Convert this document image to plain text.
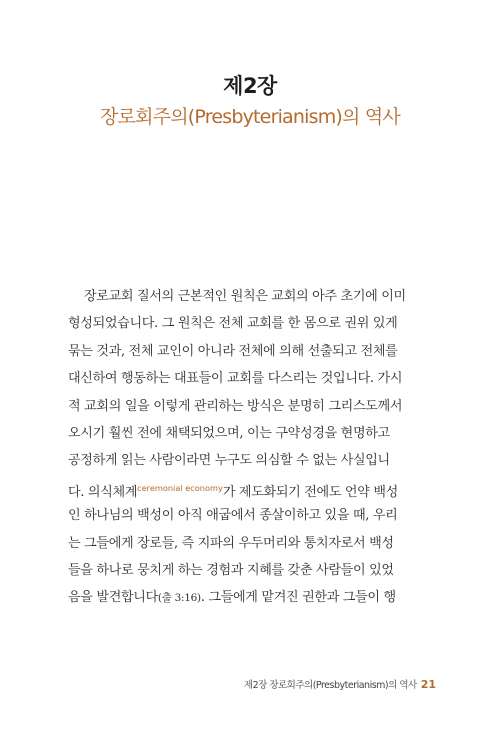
제2장
장로회주의(Presbyterianism)의 역사
장로교회 질서의 근본적인 원칙은 교회의 아주 초기에 이미
형성되었습니다. 그 원칙은 전체 교회를 한 몸으로 권위 있게
묶는 것과, 전체 교인이 아니라 전체에 의해 선출되고 전체를
대신하여 행동하는 대표들이 교회를 다스리는 것입니다. 가시
적 교회의 일을 이렇게 관리하는 방식은 분명히 그리스도께서
오시기 훨씬 전에 채택되었으며, 이는 구약성경을 현명하고
공정하게 읽는 사람이라면 누구도 의심할 수 없는 사실입니
다. 의식체계$^{ceremonial economy}$가 제도화되기 전에도 언약 백성
인 하나님의 백성이 아직 애굽에서 종살이하고 있을 때, 우리
는 그들에게 장로들, 즉 지파의 우두머리와 통치자로서 백성
들을 하나로 뭉치게 하는 경험과 지혜를 갖춘 사람들이 있었
음을 발견합니다(출 3:16). 그들에게 맡겨진 권한과 그들이 행
제2장 장로회주의(Presbyterianism)의 역사 21
